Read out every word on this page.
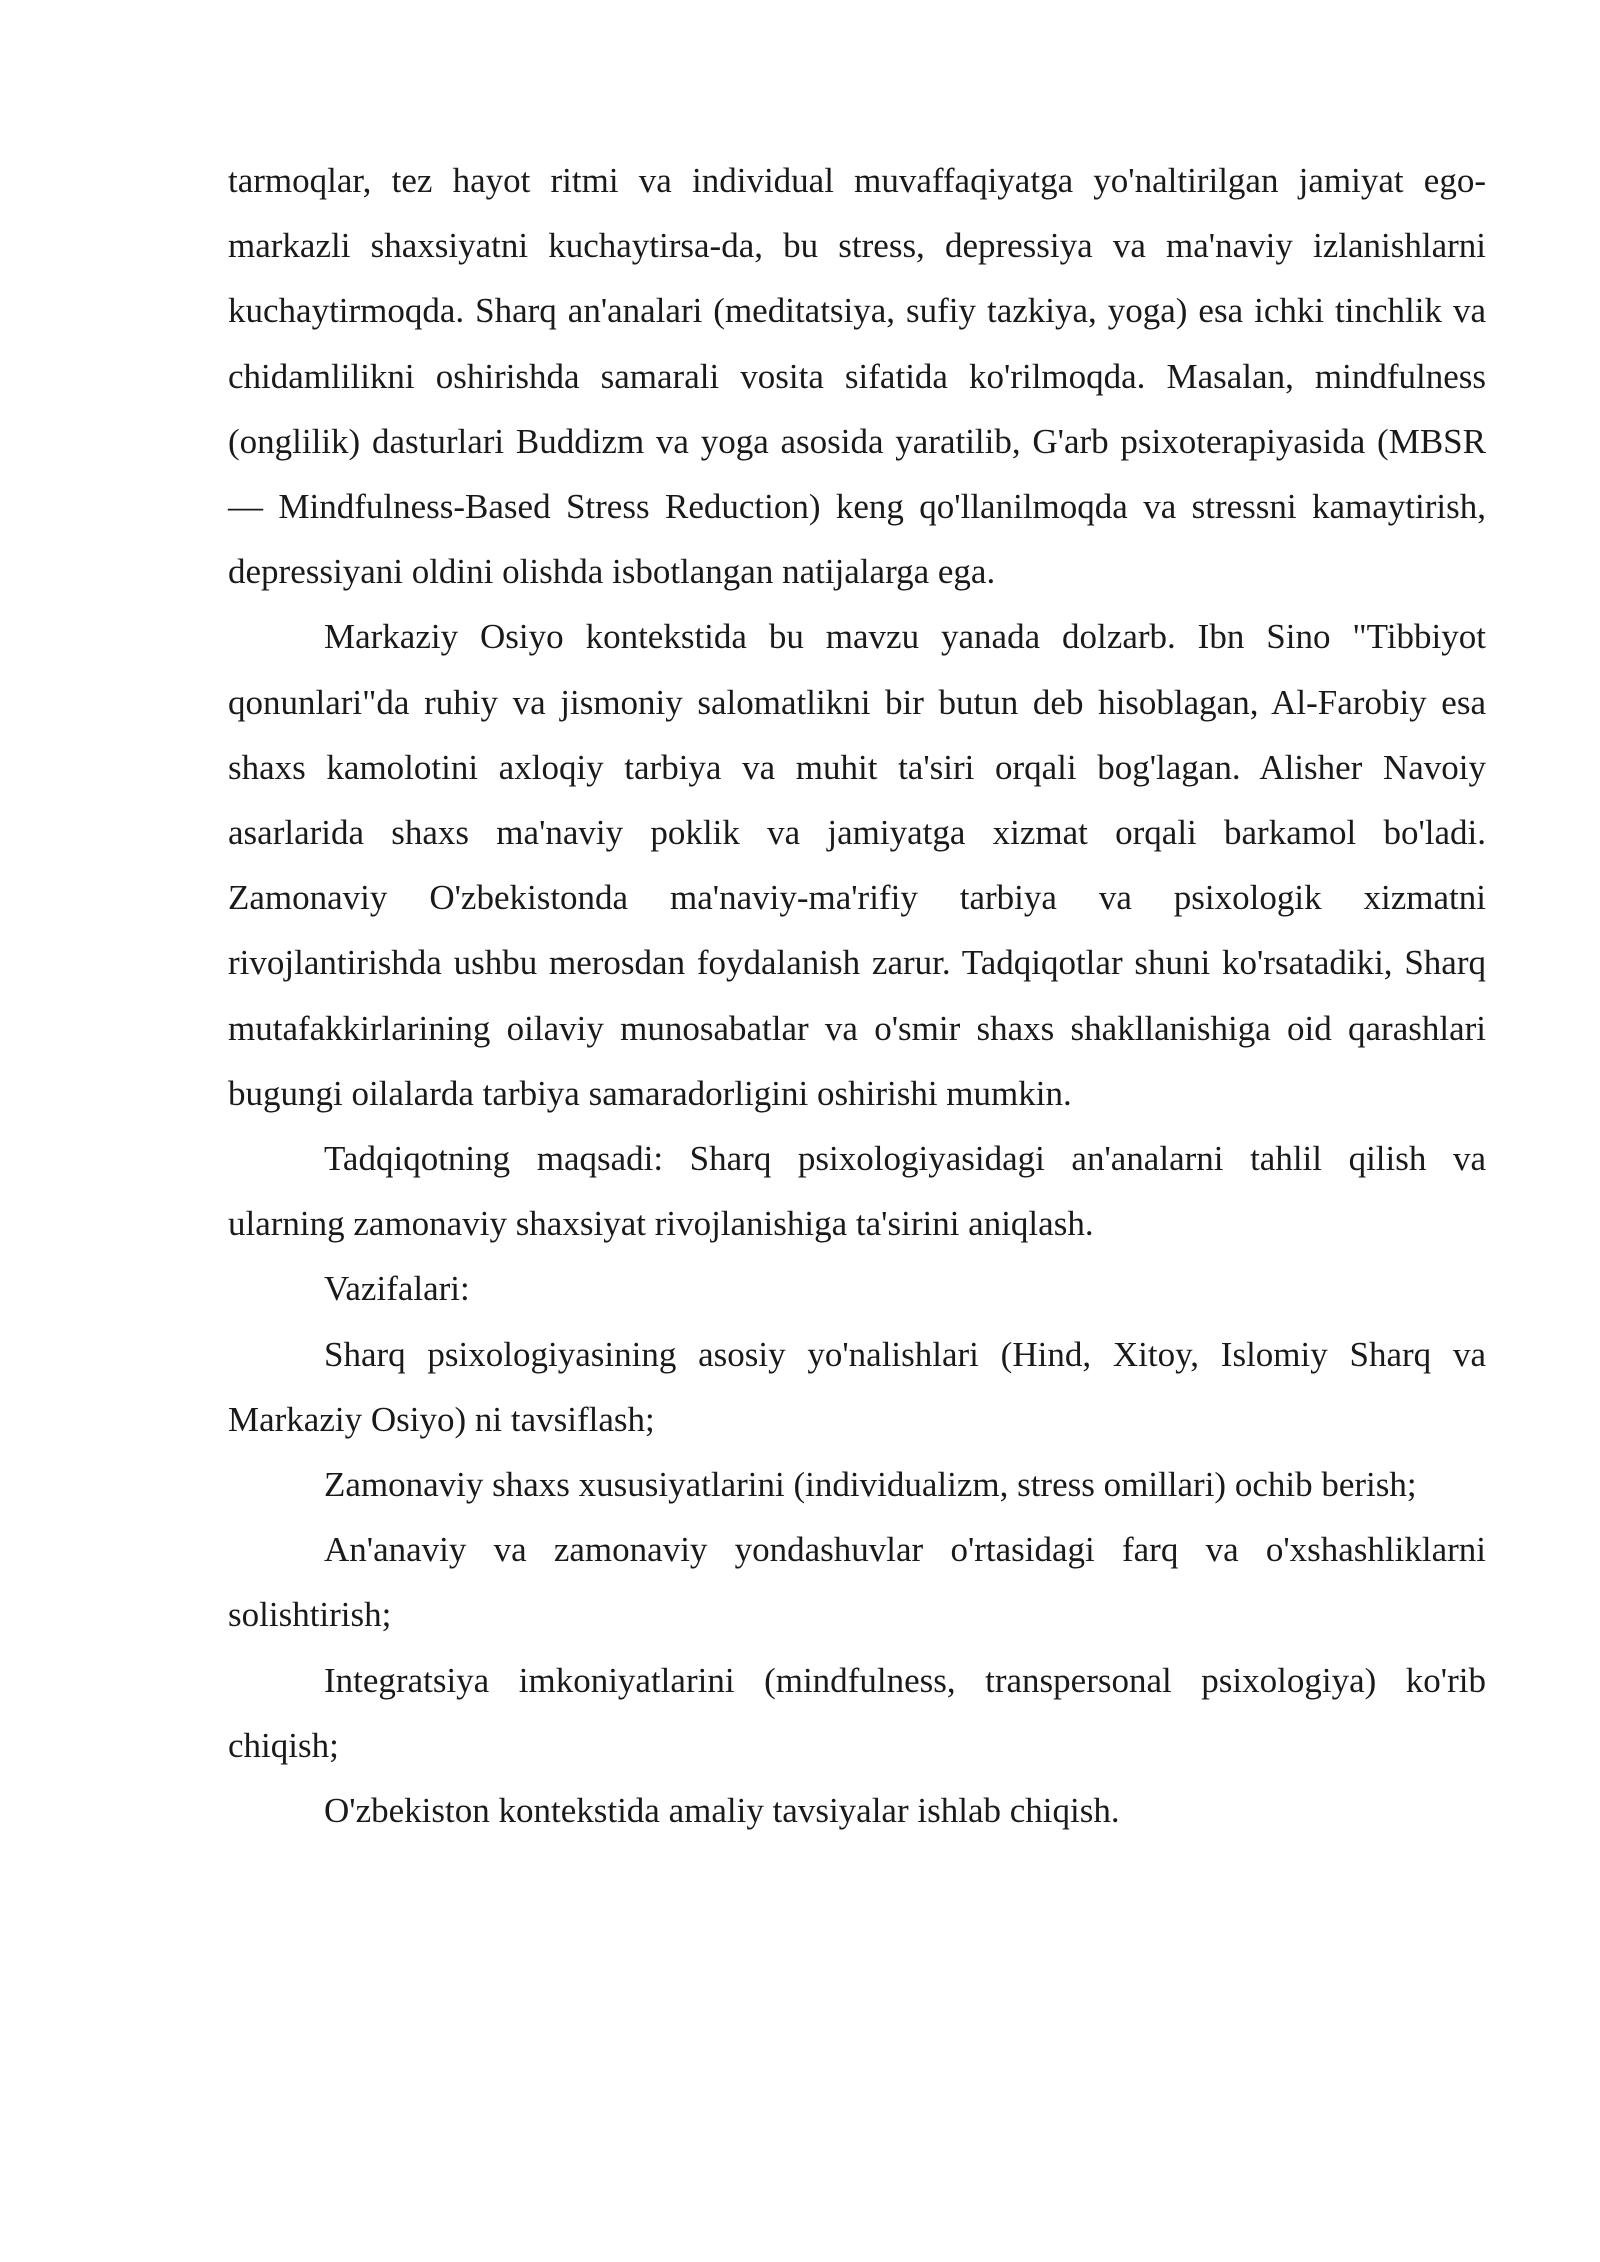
tarmoqlar, tez hayot ritmi va individual muvaffaqiyatga yo'naltirilgan jamiyat ego-markazli shaxsiyatni kuchaytirsa-da, bu stress, depressiya va ma'naviy izlanishlarni kuchaytirmoqda. Sharq an'analari (meditatsiya, sufiy tazkiya, yoga) esa ichki tinchlik va chidamlilikni oshirishda samarali vosita sifatida ko'rilmoqda. Masalan, mindfulness (onglilik) dasturlari Buddizm va yoga asosida yaratilib, G'arb psixoterapiyasida (MBSR — Mindfulness-Based Stress Reduction) keng qo'llanilmoqda va stressni kamaytirish, depressiyani oldini olishda isbotlangan natijalarga ega.

Markaziy Osiyo kontekstida bu mavzu yanada dolzarb. Ibn Sino "Tibbiyot qonunlari"da ruhiy va jismoniy salomatlikni bir butun deb hisoblagan, Al-Farobiy esa shaxs kamolotini axloqiy tarbiya va muhit ta'siri orqali bog'lagan. Alisher Navoiy asarlarida shaxs ma'naviy poklik va jamiyatga xizmat orqali barkamol bo'ladi. Zamonaviy O'zbekistonda ma'naviy-ma'rifiy tarbiya va psixologik xizmatni rivojlantirishda ushbu merosdan foydalanish zarur. Tadqiqotlar shuni ko'rsatadiki, Sharq mutafakkirlarining oilaviy munosabatlar va o'smir shaxs shakllanishiga oid qarashlari bugungi oilalarda tarbiya samaradorligini oshirishi mumkin.

Tadqiqotning maqsadi: Sharq psixologiyasidagi an'analarni tahlil qilish va ularning zamonaviy shaxsiyat rivojlanishiga ta'sirini aniqlash.

Vazifalari:

Sharq psixologiyasining asosiy yo'nalishlari (Hind, Xitoy, Islomiy Sharq va Markaziy Osiyo) ni tavsiflash;

Zamonaviy shaxs xususiyatlarini (individualizm, stress omillari) ochib berish;

An'anaviy va zamonaviy yondashuvlar o'rtasidagi farq va o'xshashliklarni solishtirish;

Integratsiya imkoniyatlarini (mindfulness, transpersonal psixologiya) ko'rib chiqish;

O'zbekiston kontekstida amaliy tavsiyalar ishlab chiqish.
